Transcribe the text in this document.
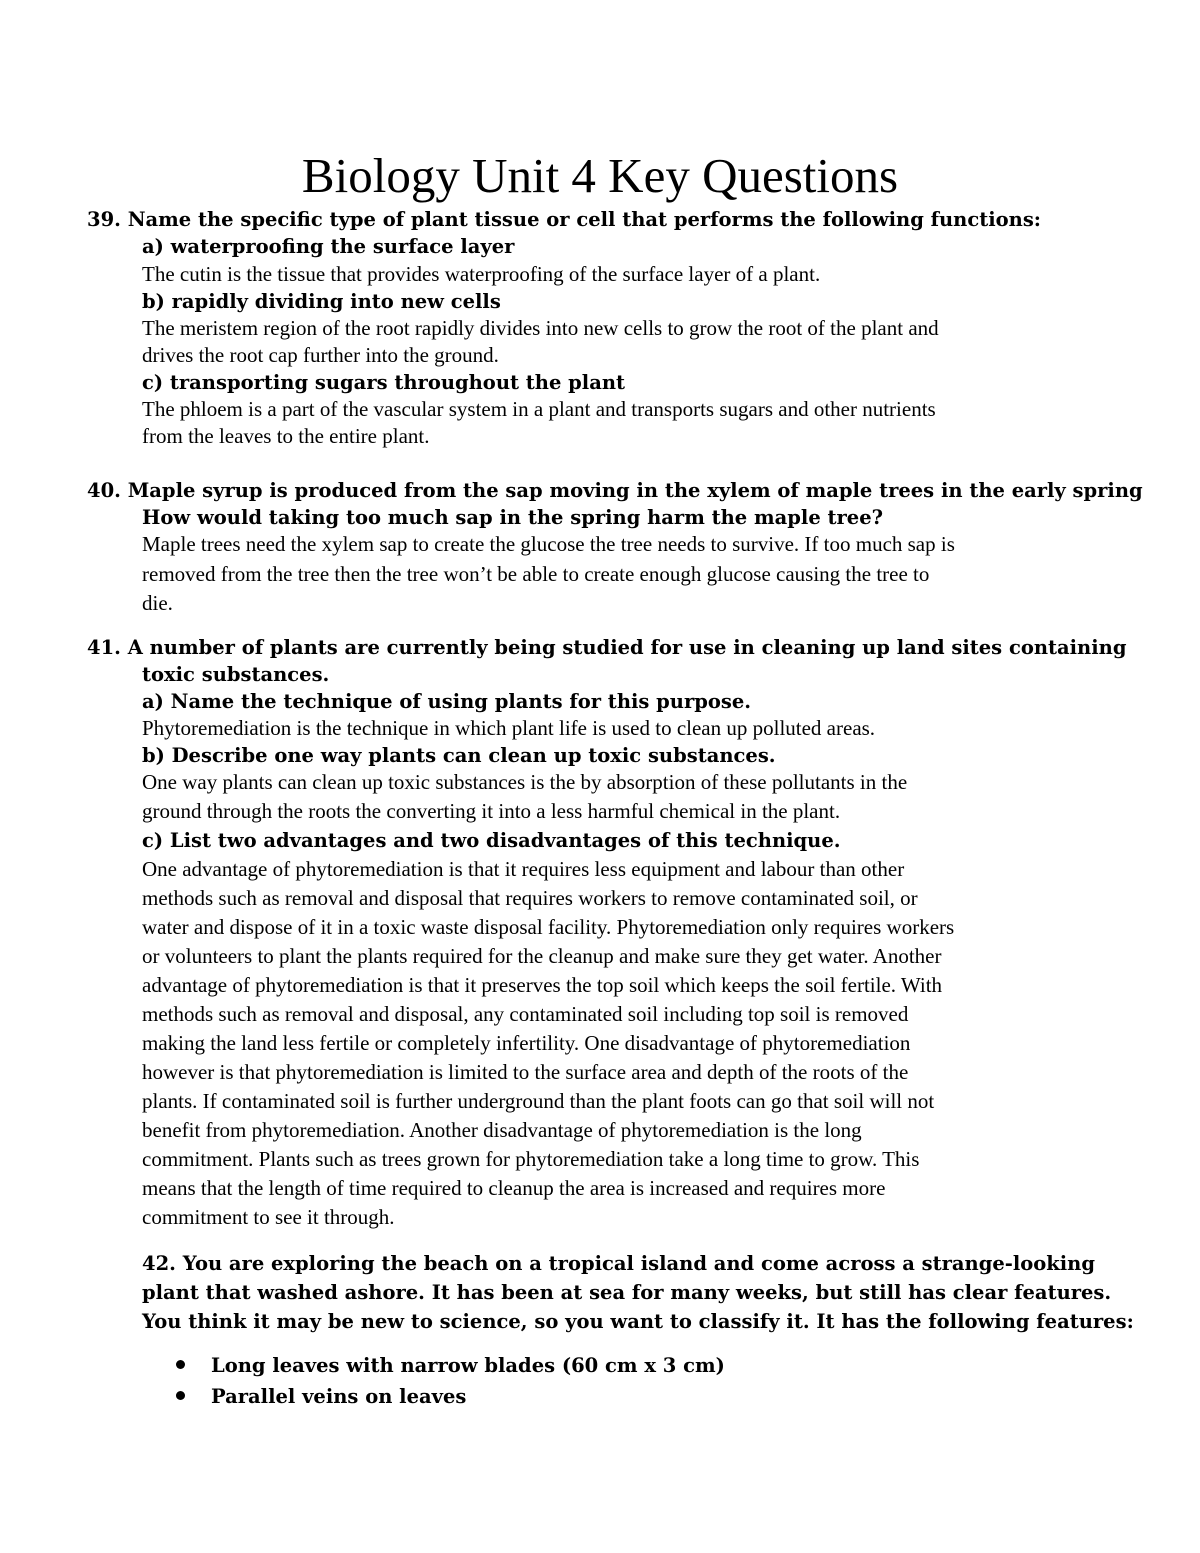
Biology Unit 4 Key Questions
39. Name the specific type of plant tissue or cell that performs the following functions:
a) waterproofing the surface layer
The cutin is the tissue that provides waterproofing of the surface layer of a plant.
b) rapidly dividing into new cells
The meristem region of the root rapidly divides into new cells to grow the root of the plant and
drives the root cap further into the ground.
c) transporting sugars throughout the plant
The phloem is a part of the vascular system in a plant and transports sugars and other nutrients
from the leaves to the entire plant.
40. Maple syrup is produced from the sap moving in the xylem of maple trees in the early spring
How would taking too much sap in the spring harm the maple tree?
Maple trees need the xylem sap to create the glucose the tree needs to survive. If too much sap is
removed from the tree then the tree won’t be able to create enough glucose causing the tree to
die.
41. A number of plants are currently being studied for use in cleaning up land sites containing
toxic substances.
a) Name the technique of using plants for this purpose.
Phytoremediation is the technique in which plant life is used to clean up polluted areas.
b) Describe one way plants can clean up toxic substances.
One way plants can clean up toxic substances is the by absorption of these pollutants in the
ground through the roots the converting it into a less harmful chemical in the plant.
c) List two advantages and two disadvantages of this technique.
One advantage of phytoremediation is that it requires less equipment and labour than other
methods such as removal and disposal that requires workers to remove contaminated soil, or
water and dispose of it in a toxic waste disposal facility. Phytoremediation only requires workers
or volunteers to plant the plants required for the cleanup and make sure they get water. Another
advantage of phytoremediation is that it preserves the top soil which keeps the soil fertile. With
methods such as removal and disposal, any contaminated soil including top soil is removed
making the land less fertile or completely infertility. One disadvantage of phytoremediation
however is that phytoremediation is limited to the surface area and depth of the roots of the
plants. If contaminated soil is further underground than the plant foots can go that soil will not
benefit from phytoremediation. Another disadvantage of phytoremediation is the long
commitment. Plants such as trees grown for phytoremediation take a long time to grow. This
means that the length of time required to cleanup the area is increased and requires more
commitment to see it through.
42. You are exploring the beach on a tropical island and come across a strange-looking
plant that washed ashore. It has been at sea for many weeks, but still has clear features.
You think it may be new to science, so you want to classify it. It has the following features:
Long leaves with narrow blades (60 cm x 3 cm)
Parallel veins on leaves
